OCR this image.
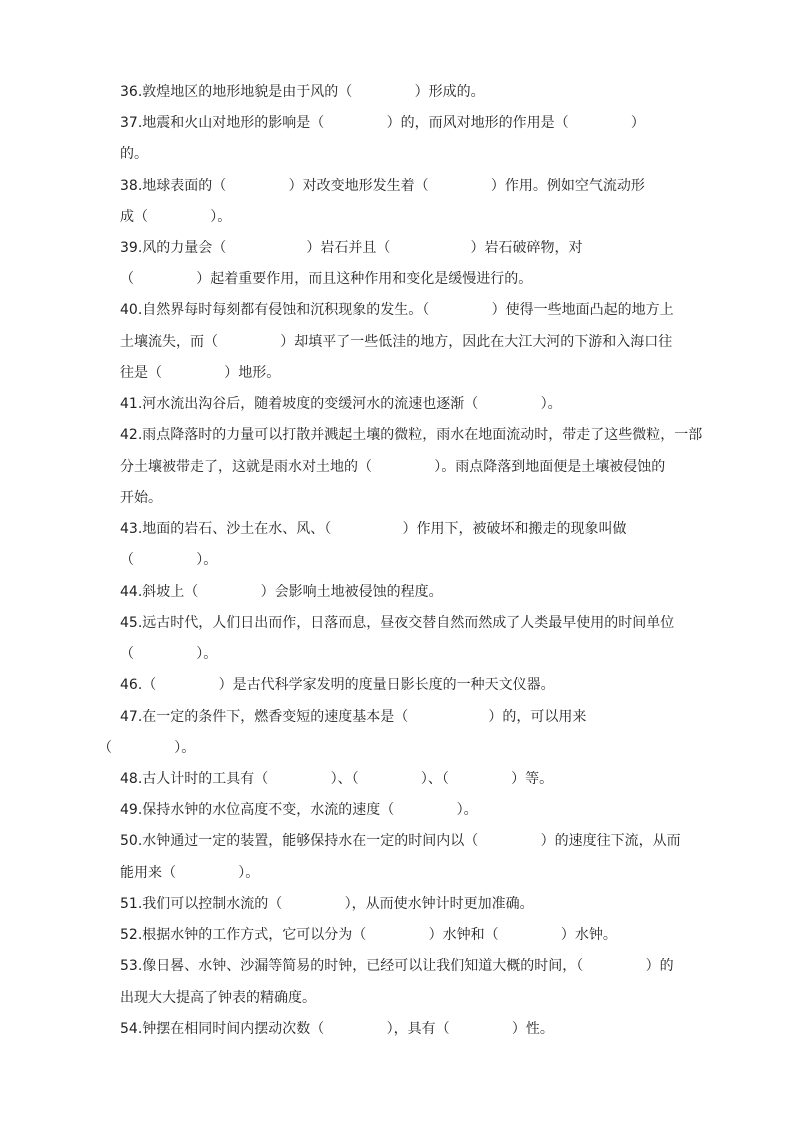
36.敦煌地区的地形地貌是由于风的（              ）形成的。
37.地震和火山对地形的影响是（              ）的，而风对地形的作用是（              ）
的。
38.地球表面的（              ）对改变地形发生着（              ）作用。例如空气流动形
成（              ）。
39.风的力量会（                  ）岩石并且（                  ）岩石破碎物，对
（              ）起着重要作用，而且这种作用和变化是缓慢进行的。
40.自然界每时每刻都有侵蚀和沉积现象的发生。（              ）使得一些地面凸起的地方上
土壤流失，而（              ）却填平了一些低洼的地方，因此在大江大河的下游和入海口往
往是（              ）地形。
41.河水流出沟谷后，随着坡度的变缓河水的流速也逐渐（              ）。
42.雨点降落时的力量可以打散并溅起土壤的微粒，雨水在地面流动时，带走了这些微粒，一部
分土壤被带走了，这就是雨水对土地的（              ）。雨点降落到地面便是土壤被侵蚀的
开始。
43.地面的岩石、沙土在水、风、（                ）作用下，被破坏和搬走的现象叫做
（              ）。
44.斜坡上（              ）会影响土地被侵蚀的程度。
45.远古时代，人们日出而作，日落而息，昼夜交替自然而然成了人类最早使用的时间单位
（              ）。
46.（              ）是古代科学家发明的度量日影长度的一种天文仪器。
47.在一定的条件下，燃香变短的速度基本是（                  ）的，可以用来
（              ）。
48.古人计时的工具有（              ）、（              ）、（              ）等。
49.保持水钟的水位高度不变，水流的速度（              ）。
50.水钟通过一定的装置，能够保持水在一定的时间内以（              ）的速度往下流，从而
能用来（              ）。
51.我们可以控制水流的（              ），从而使水钟计时更加准确。
52.根据水钟的工作方式，它可以分为（              ）水钟和（              ）水钟。
53.像日晷、水钟、沙漏等简易的时钟，已经可以让我们知道大概的时间，（              ）的
出现大大提高了钟表的精确度。
54.钟摆在相同时间内摆动次数（              ），具有（              ）性。
